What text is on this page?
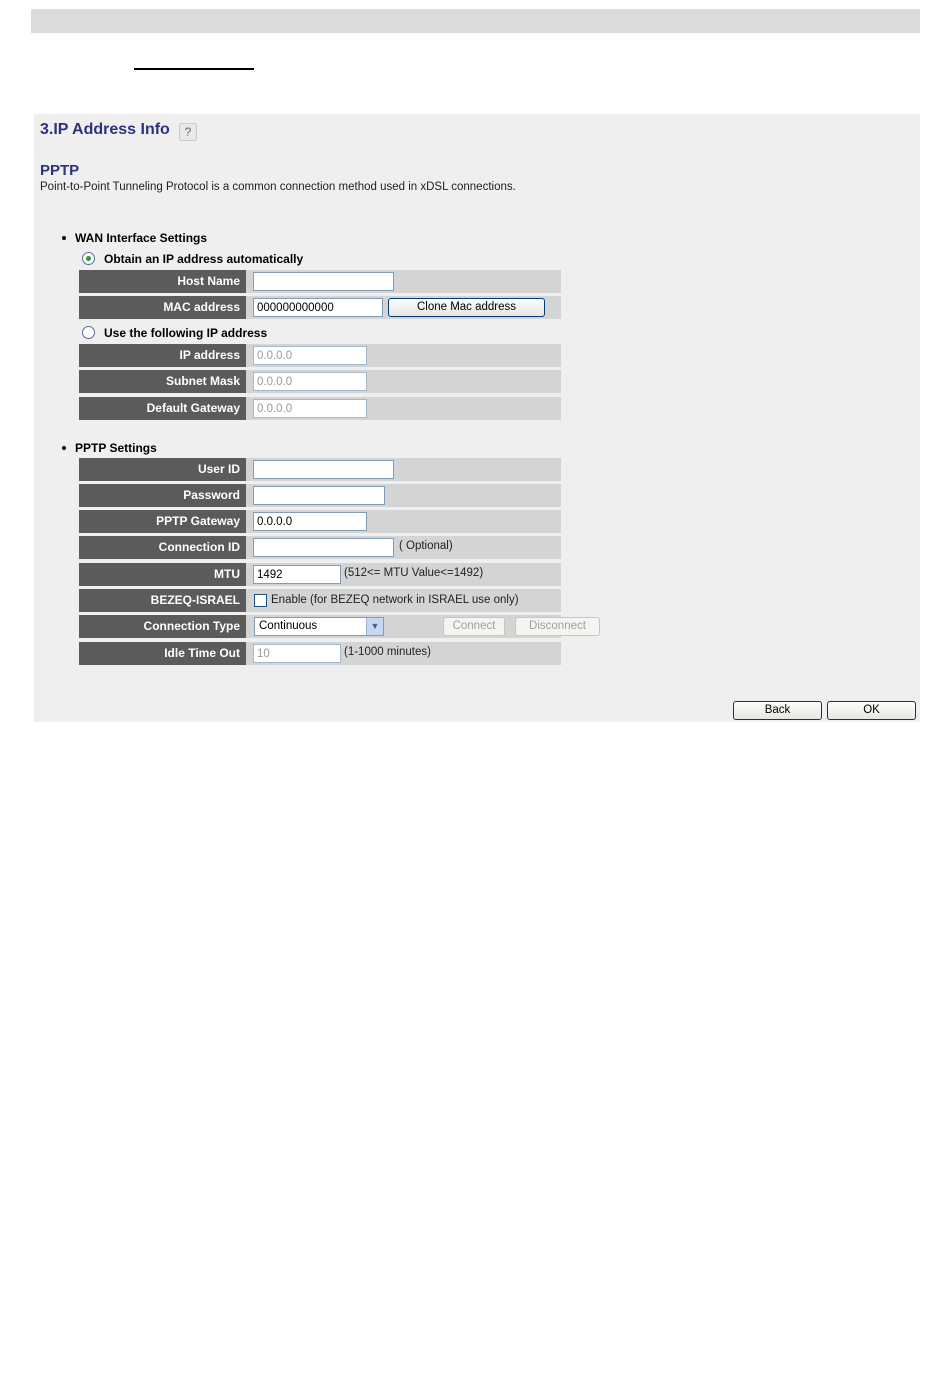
3.IP Address Info	?
PPTP
Point-to-Point Tunneling Protocol is a common connection method used in xDSL connections.
WAN Interface Settings
Obtain an IP address automatically
Host Name
MAC address	000000000000	Clone Mac address
Use the following IP address
IP address	0.0.0.0
Subnet Mask	0.0.0.0
Default Gateway	0.0.0.0
PPTP Settings
User ID
Password
PPTP Gateway	0.0.0.0
Connection ID	( Optional)
MTU	1492	(512<= MTU Value<=1492)
BEZEQ-ISRAEL	Enable (for BEZEQ network in ISRAEL use only)
Connection Type	Continuous	▼	Connect	Disconnect
Idle Time Out	10	(1-1000 minutes)
Back	OK
